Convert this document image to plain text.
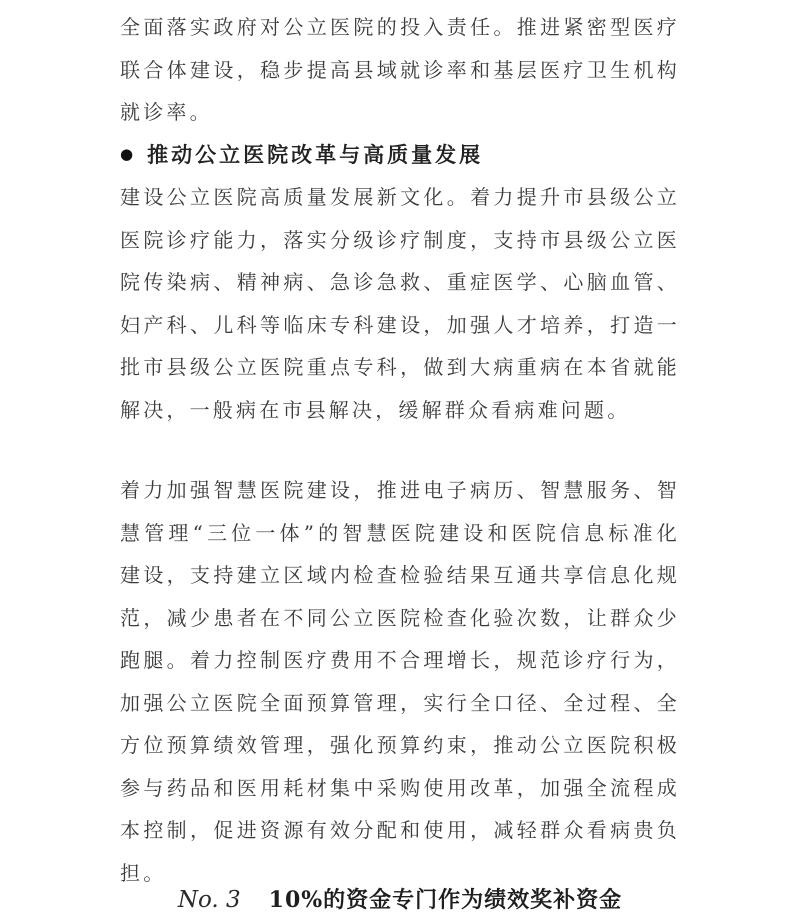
全面落实政府对公立医院的投入责任。推进紧密型医疗
联合体建设，稳步提高县域就诊率和基层医疗卫生机构
就诊率。
● 推动公立医院改革与高质量发展
建设公立医院高质量发展新文化。着力提升市县级公立
医院诊疗能力，落实分级诊疗制度，支持市县级公立医
院传染病、精神病、急诊急救、重症医学、心脑血管、
妇产科、儿科等临床专科建设，加强人才培养，打造一
批市县级公立医院重点专科，做到大病重病在本省就能
解决，一般病在市县解决，缓解群众看病难问题。
着力加强智慧医院建设，推进电子病历、智慧服务、智
慧管理“三位一体”的智慧医院建设和医院信息标准化
建设，支持建立区域内检查检验结果互通共享信息化规
范，减少患者在不同公立医院检查化验次数，让群众少
跑腿。着力控制医疗费用不合理增长，规范诊疗行为，
加强公立医院全面预算管理，实行全口径、全过程、全
方位预算绩效管理，强化预算约束，推动公立医院积极
参与药品和医用耗材集中采购使用改革，加强全流程成
本控制，促进资源有效分配和使用，减轻群众看病贵负
担。
No. 3 10%的资金专门作为绩效奖补资金
